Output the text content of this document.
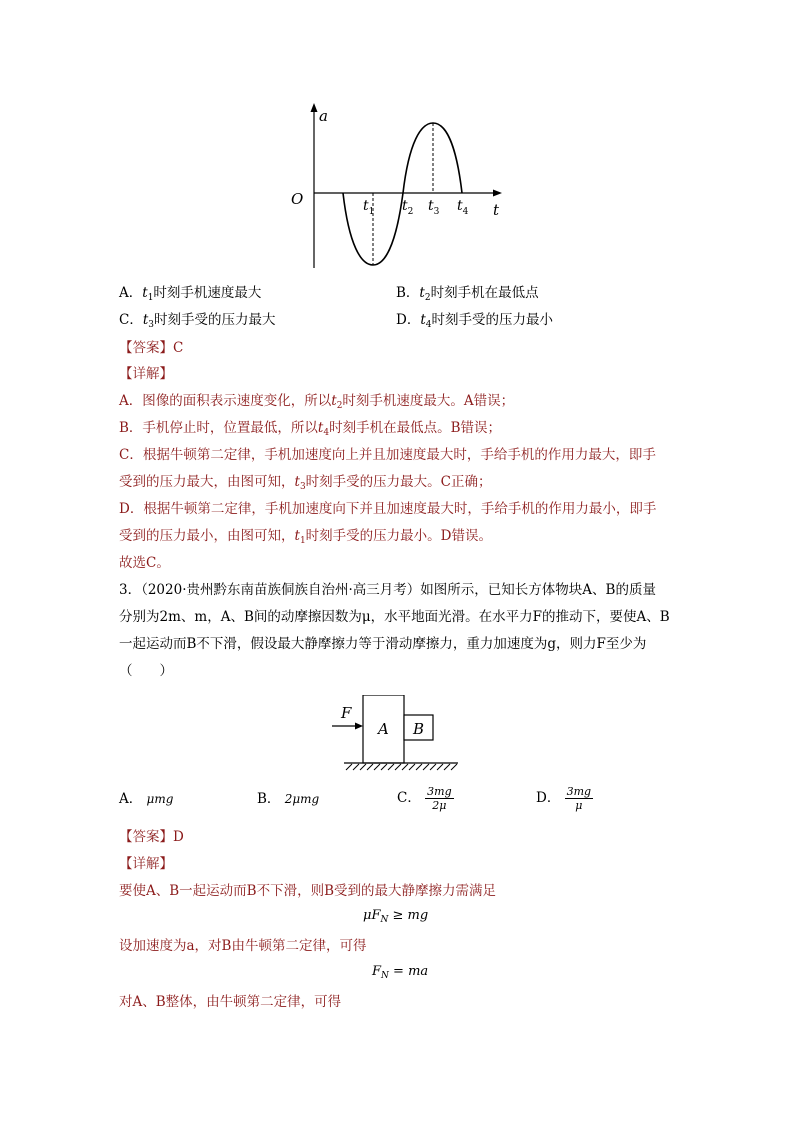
a
t
O	$t_1$ $t_2$ $t_3$ $t_4$
A．$t_1$时刻手机速度最大	B．$t_2$时刻手机在最低点
C．$t_3$时刻手受的压力最大	D．$t_4$时刻手受的压力最小
【答案】C
【详解】
A．图像的面积表示速度变化，所以$t_2$时刻手机速度最大。A错误；
B．手机停止时，位置最低，所以$t_4$时刻手机在最低点。B错误；
C．根据牛顿第二定律，手机加速度向上并且加速度最大时，手给手机的作用力最大，即手
受到的压力最大，由图可知，$t_3$时刻手受的压力最大。C正确；
D．根据牛顿第二定律，手机加速度向下并且加速度最大时，手给手机的作用力最小，即手
受到的压力最小，由图可知，$t_1$时刻手受的压力最小。D错误。
故选C。
3．（2020·贵州黔东南苗族侗族自治州·高三月考）如图所示，已知长方体物块A、B的质量
分别为2m、m，A、B间的动摩擦因数为μ，水平地面光滑。在水平力F的推动下，要使A、B
一起运动而B不下滑，假设最大静摩擦力等于滑动摩擦力，重力加速度为g，则力F至少为
（　　）
F
A B
A． μmg	B． 2μmg	C． $\frac{3mg}{2\mu}$	D． $\frac{3mg}{\mu}$
【答案】D
【详解】
要使A、B一起运动而B不下滑，则B受到的最大静摩擦力需满足
$\mu F_N$ ≥ mg
设加速度为a，对B由牛顿第二定律，可得
$F_N$ = ma
对A、B整体，由牛顿第二定律，可得
